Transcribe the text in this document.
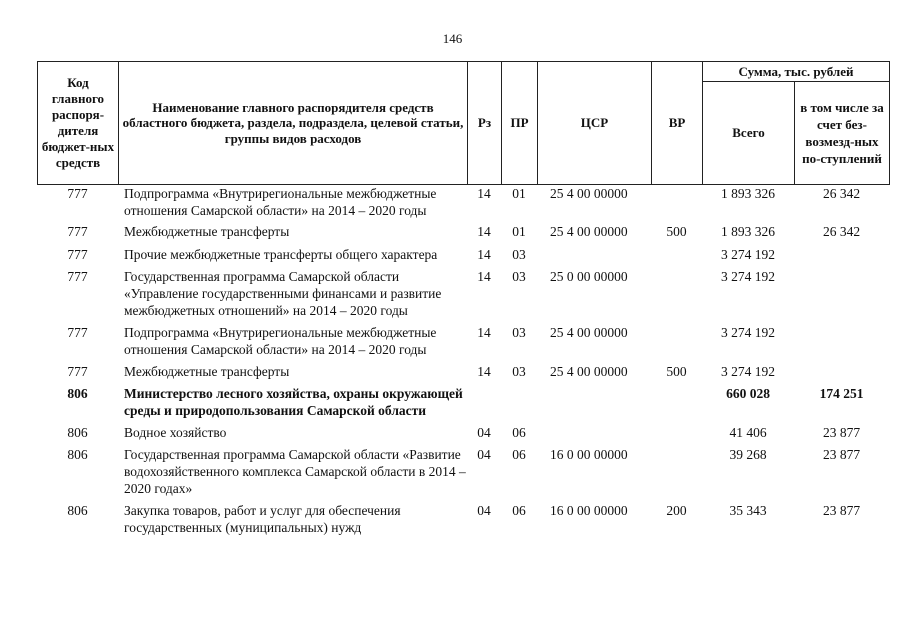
146
Код главного распоря-дителя бюджет-ных средств	Наименование главного распорядителя средств областного бюджета, раздела, подраздела, целевой статьи, группы видов расходов	Рз	ПР	ЦСР	ВР	Сумма, тыс. рублей	
						Всего	в том числе за счет без-возмезд-ных по-ступлений
777	Подпрограмма «Внутрирегиональные межбюджетные отношения Самарской области» на 2014 – 2020 годы	14	01	25 4 00 00000		1 893 326	26 342
777	Межбюджетные трансферты	14	01	25 4 00 00000	500	1 893 326	26 342
777	Прочие межбюджетные трансферты общего характера	14	03			3 274 192	
777	Государственная программа Самарской области «Управление государственными финансами и развитие межбюджетных отношений» на 2014 – 2020 годы	14	03	25 0 00 00000		3 274 192	
777	Подпрограмма «Внутрирегиональные межбюджетные отношения Самарской области» на 2014 – 2020 годы	14	03	25 4 00 00000		3 274 192	
777	Межбюджетные трансферты	14	03	25 4 00 00000	500	3 274 192	
806	Министерство лесного хозяйства, охраны окружающей среды и природопользования Самарской области					660 028	174 251
806	Водное хозяйство	04	06			41 406	23 877
806	Государственная программа Самарской области «Развитие водохозяйственного комплекса Самарской области в 2014 – 2020 годах»	04	06	16 0 00 00000		39 268	23 877
806	Закупка товаров, работ и услуг для обеспечения государственных (муниципальных) нужд	04	06	16 0 00 00000	200	35 343	23 877
